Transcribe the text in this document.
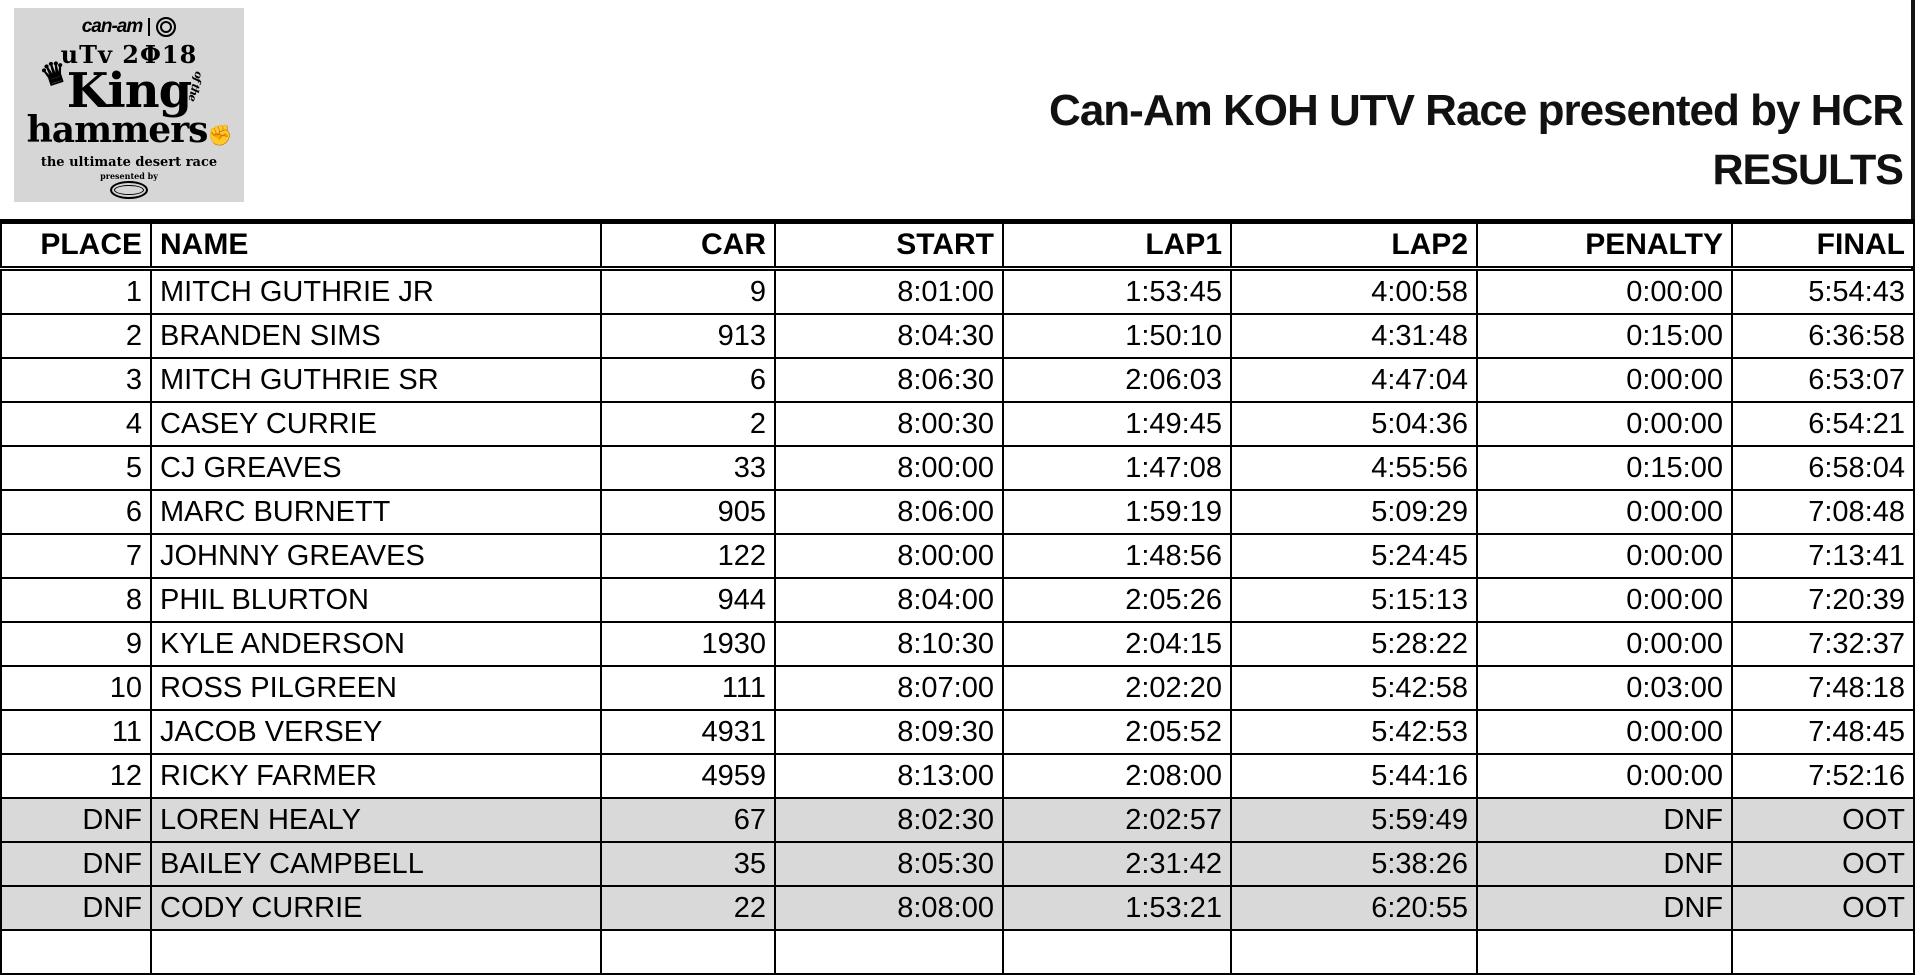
can-am
uTv 2Φ18
♛
King
of the
hammers✊
the ultimate desert race
presented by
Can-Am KOH UTV Race presented by HCR
RESULTS
PLACE	NAME	CAR	START	LAP1	LAP2	PENALTY	FINAL
1	MITCH GUTHRIE JR	9	8:01:00	1:53:45	4:00:58	0:00:00	5:54:43
2	BRANDEN SIMS	913	8:04:30	1:50:10	4:31:48	0:15:00	6:36:58
3	MITCH GUTHRIE SR	6	8:06:30	2:06:03	4:47:04	0:00:00	6:53:07
4	CASEY CURRIE	2	8:00:30	1:49:45	5:04:36	0:00:00	6:54:21
5	CJ GREAVES	33	8:00:00	1:47:08	4:55:56	0:15:00	6:58:04
6	MARC BURNETT	905	8:06:00	1:59:19	5:09:29	0:00:00	7:08:48
7	JOHNNY GREAVES	122	8:00:00	1:48:56	5:24:45	0:00:00	7:13:41
8	PHIL BLURTON	944	8:04:00	2:05:26	5:15:13	0:00:00	7:20:39
9	KYLE ANDERSON	1930	8:10:30	2:04:15	5:28:22	0:00:00	7:32:37
10	ROSS PILGREEN	111	8:07:00	2:02:20	5:42:58	0:03:00	7:48:18
11	JACOB VERSEY	4931	8:09:30	2:05:52	5:42:53	0:00:00	7:48:45
12	RICKY FARMER	4959	8:13:00	2:08:00	5:44:16	0:00:00	7:52:16
DNF	LOREN HEALY	67	8:02:30	2:02:57	5:59:49	DNF	OOT
DNF	BAILEY CAMPBELL	35	8:05:30	2:31:42	5:38:26	DNF	OOT
DNF	CODY CURRIE	22	8:08:00	1:53:21	6:20:55	DNF	OOT
